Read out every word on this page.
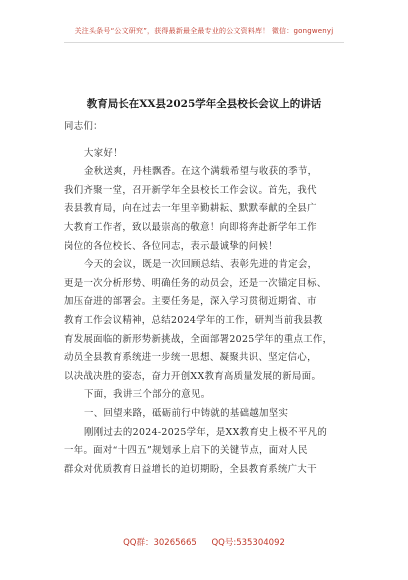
关注头条号“公文研究”，获得最新最全最专业的公文资料库！ 微信：gongwenyj
教育局长在XX县2025学年全县校长会议上的讲话
同志们：
大家好！
金秋送爽，丹桂飘香。在这个满载希望与收获的季节，
我们齐聚一堂，召开新学年全县校长工作会议。首先，我代
表县教育局，向在过去一年里辛勤耕耘、默默奉献的全县广
大教育工作者，致以最崇高的敬意！向即将奔赴新学年工作
岗位的各位校长、各位同志，表示最诚挚的问候！
今天的会议，既是一次回顾总结、表彰先进的肯定会，
更是一次分析形势、明确任务的动员会，还是一次锚定目标、
加压奋进的部署会。主要任务是，深入学习贯彻近期省、市
教育工作会议精神，总结2024学年的工作，研判当前我县教
育发展面临的新形势新挑战，全面部署2025学年的重点工作，
动员全县教育系统进一步统一思想、凝聚共识、坚定信心，
以决战决胜的姿态，奋力开创XX教育高质量发展的新局面。
下面，我讲三个部分的意见。
一、回望来路，砥砺前行中铸就的基础越加坚实
刚刚过去的2024-2025学年，是XX教育史上极不平凡的
一年。面对“十四五”规划承上启下的关键节点，面对人民
群众对优质教育日益增长的迫切期盼，全县教育系统广大干
QQ群：30265665 QQ号:535304092
